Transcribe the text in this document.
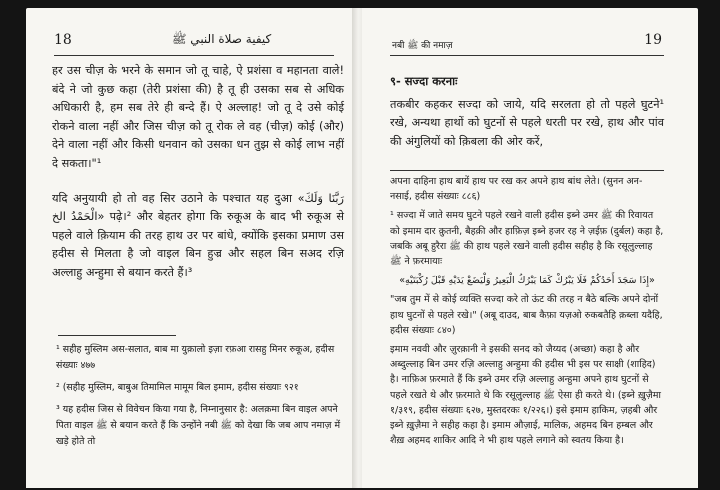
18	كيفية صلاة النبي ﷺ

हर उस चीज़ के भरने के समान जो तू चाहे, ऐ प्रशंसा व महानता वाले! बंदे ने जो कुछ कहा (तेरी प्रशंसा की) है तू ही उसका सब से अधिक अधिकारी है, हम सब तेरे ही बन्दे हैं। ऐ अल्लाह! जो तू दे उसे कोई रोकने वाला नहीं और जिस चीज़ को तू रोक ले वह (चीज़) कोई (और) देने वाला नहीं और किसी धनवान को उसका धन तुझ से कोई लाभ नहीं दे सकता।"¹

यदि अनुयायी हो तो वह सिर उठाने के पश्चात यह दुआ «رَبَّنَا وَلَكَ الْحَمْدُ الخ» पढ़े।² और बेहतर होगा कि रुकूअ के बाद भी रुकूअ से पहले वाले क़ियाम की तरह हाथ उर पर बांधे, क्योंकि इसका प्रमाण उस हदीस से मिलता है जो वाइल बिन हुज्र और सहल बिन सअद रज़ि अल्लाहु अन्हुमा से बयान करते हैं।³

¹ सहीह मुस्लिम अस-सलात, बाब मा युक़ालो इज़ा रफ़आ रासहु मिनर रुकूअ, हदीस संख्याः ४७७

² (सहीह मुस्लिम, बाबुअ तिमामिल मामूम बिल इमाम, हदीस संख्याः ९२१

³ यह हदीस जिस से विवेचन किया गया है, निम्नानुसार है: अलक़मा बिन वाइल अपने पिता वाइल ﷺ से बयान करते हैं कि उन्होंने नबी ﷺ को देखा कि जब आप नमाज़ में खड़े होते तो

नबी ﷺ की नमाज़	19
९- सज्दा करनाः
तकबीर कहकर सज्दा को जाये, यदि सरलता हो तो पहले घुटने¹ रखे, अन्यथा हाथों को घुटनों से पहले धरती पर रखे, हाथ और पांव की अंगुलियों को क़िबला की ओर करें,

अपना दाहिना हाथ बायें हाथ पर रख कर अपने हाथ बांध लेते। (सुनन अन-नसाई, हदीस संख्याः ८८६)

¹ सज्दा में जाते समय घुटने पहले रखने वाली हदीस इब्ने उमर ﷺ की रिवायत को इमाम दार क़ुतनी, बैहक़ी और हाफ़िज़ इब्ने हजर रह ने ज़ईफ़ (दुर्बल) कहा है, जबकि अबू हुरैरा ﷺ की हाथ पहले रखने वाली हदीस सहीह है कि रसूलुल्लाह ﷺ ने फ़रमायाः

«إِذَا سَجَدَ أَحَدُكُمْ فَلَا يَبْرُكْ كَمَا يَبْرُكُ الْبَعِيرُ وَلْيَضَعْ يَدَيْهِ قَبْلَ رُكْبَتَيْهِ»

"जब तुम में से कोई व्यक्ति सज्दा करे तो ऊंट की तरह न बैठे बल्कि अपने दोनों हाथ घुटनों से पहले रखे।" (अबू दाउद, बाब कैफ़ा यज़ओ रुकबतैहि क़ब्ला यदैहि, हदीस संख्याः ८४०)

इमाम नववी और ज़ुरक़ानी ने इसकी सनद को जैय्यद (अच्छा) कहा है और अब्दुल्लाह बिन उमर रज़ि अल्लाहु अन्हुमा की हदीस भी इस पर साक्षी (शाहिद) है। नाफ़िअ फ़रमाते हैं कि इब्ने उमर रज़ि अल्लाहु अन्हुमा अपने हाथ घुटनों से पहले रखते थे और फ़रमाते थे कि रसूलुल्लाह ﷺ ऐसा ही करते थे। (इब्ने ख़ुज़ैमा १/३१९, हदीस संख्याः ६२७, मुस्तदरकः १/२२६।) इसे इमाम हाकिम, ज़हबी और इब्ने ख़ुज़ैमा ने सहीह कहा है। इमाम औज़ाई, मालिक, अहमद बिन हम्बल और शैख़ अहमद शाकिर आदि ने भी हाथ पहले लगाने को स्वतय किया है।
